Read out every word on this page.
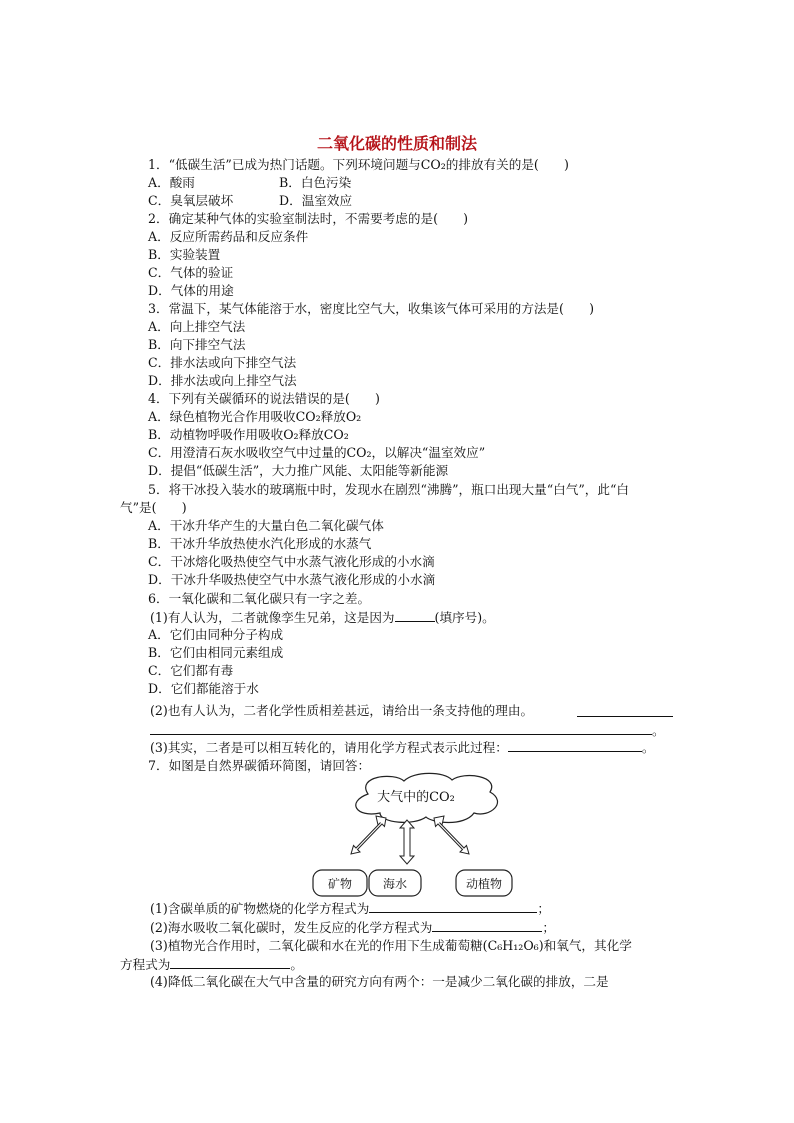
二氧化碳的性质和制法
1．“低碳生活”已成为热门话题。下列环境问题与CO₂的排放有关的是(　　)
A．酸雨	B．白色污染
C．臭氧层破坏	D．温室效应
2．确定某种气体的实验室制法时，不需要考虑的是(　　)
A．反应所需药品和反应条件
B．实验装置
C．气体的验证
D．气体的用途
3．常温下，某气体能溶于水，密度比空气大，收集该气体可采用的方法是(　　)
A．向上排空气法
B．向下排空气法
C．排水法或向下排空气法
D．排水法或向上排空气法
4．下列有关碳循环的说法错误的是(　　)
A．绿色植物光合作用吸收CO₂释放O₂
B．动植物呼吸作用吸收O₂释放CO₂
C．用澄清石灰水吸收空气中过量的CO₂，以解决“温室效应”
D．提倡“低碳生活”，大力推广风能、太阳能等新能源
5．将干冰投入装水的玻璃瓶中时，发现水在剧烈“沸腾”，瓶口出现大量“白气”，此“白
气”是(　　)
A．干冰升华产生的大量白色二氧化碳气体
B．干冰升华放热使水汽化形成的水蒸气
C．干冰熔化吸热使空气中水蒸气液化形成的小水滴
D．干冰升华吸热使空气中水蒸气液化形成的小水滴
6．一氧化碳和二氧化碳只有一字之差。
(1)有人认为，二者就像孪生兄弟，这是因为	(填序号)。
A．它们由同种分子构成
B．它们由相同元素组成
C．它们都有毒
D．它们都能溶于水
(2)也有人认为，二者化学性质相差甚远，请给出一条支持他的理由。
。
(3)其实，二者是可以相互转化的，请用化学方程式表示此过程：	。
7．如图是自然界碳循环简图，请回答：
大气中的CO₂
矿物	海水	动植物
(1)含碳单质的矿物燃烧的化学方程式为	；
(2)海水吸收二氧化碳时，发生反应的化学方程式为	；
(3)植物光合作用时，二氧化碳和水在光的作用下生成葡萄糖(C₆H₁₂O₆)和氧气，其化学
方程式为	。
(4)降低二氧化碳在大气中含量的研究方向有两个：一是减少二氧化碳的排放，二是
